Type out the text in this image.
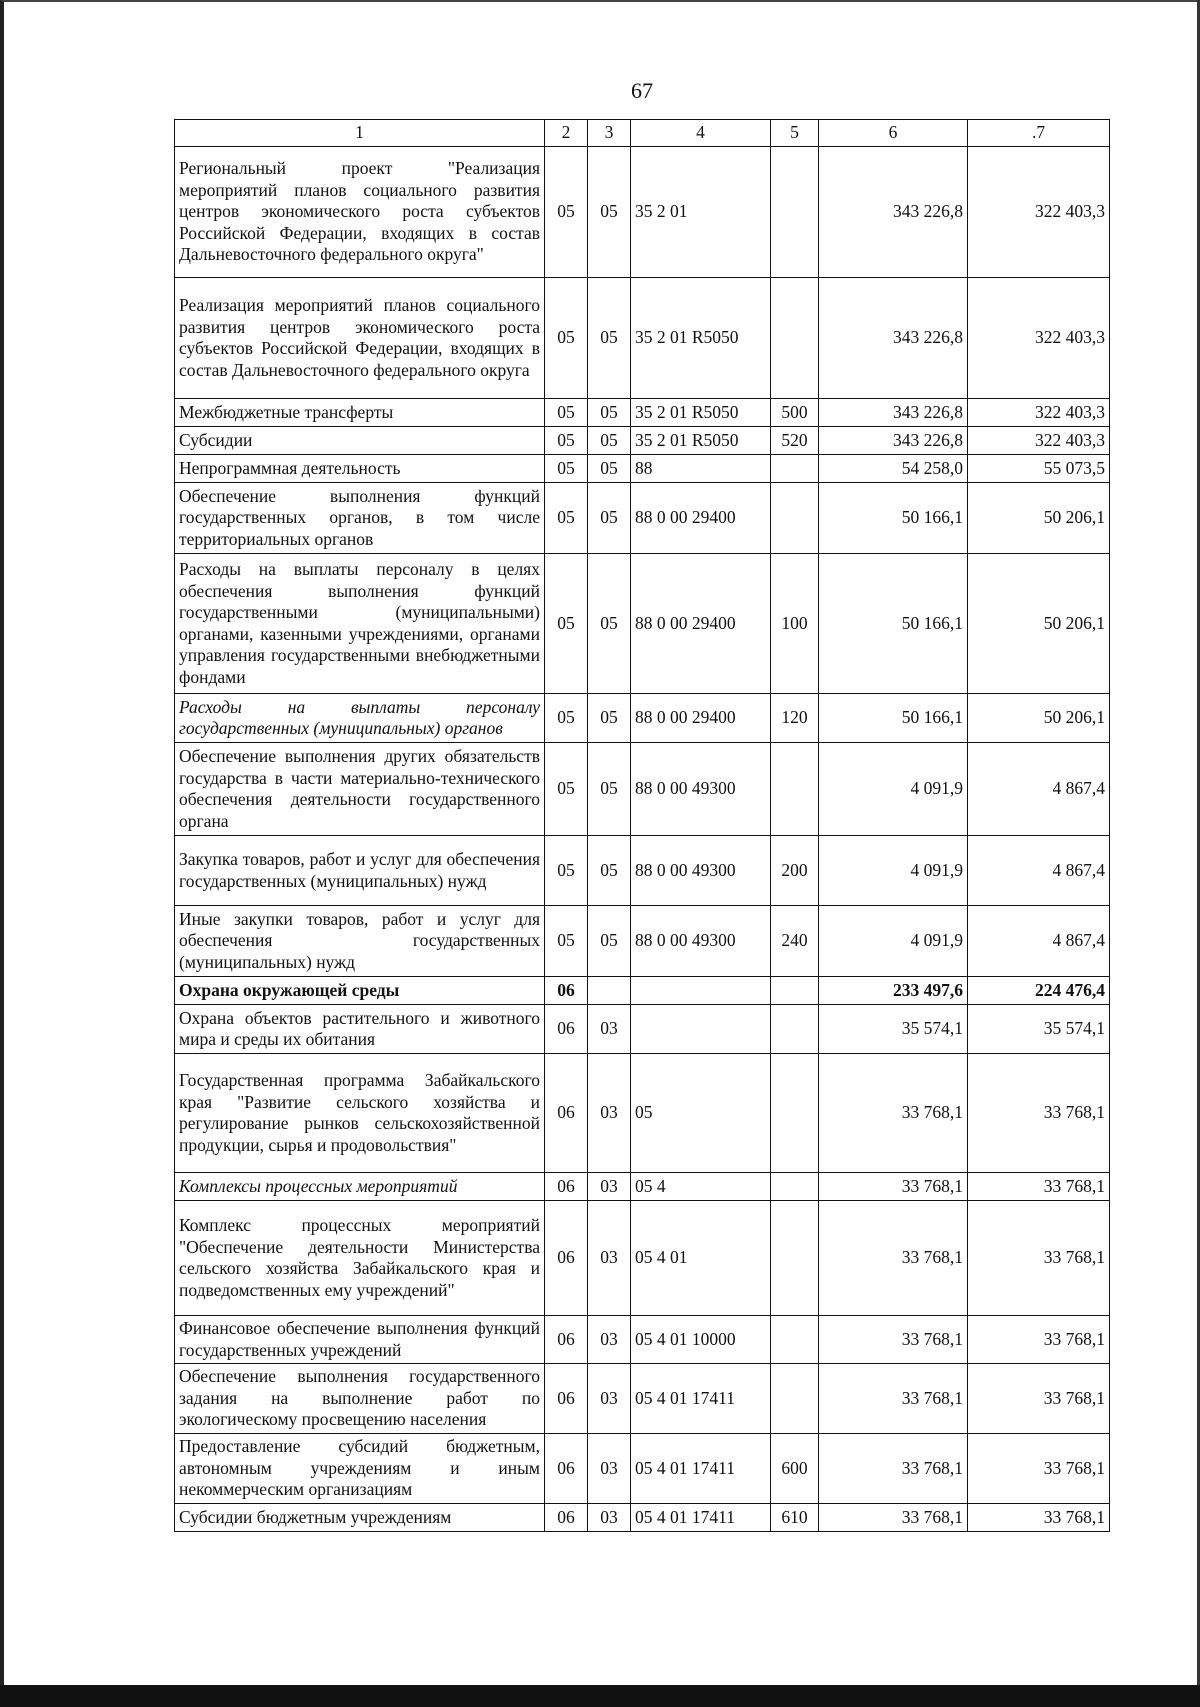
67
1	2	3	4	5	6	.7
Региональный проект "Реализация мероприятий планов социального развития центров экономического роста субъектов Российской Федерации, входящих в состав Дальневосточного федерального округа"	05	05	35 2 01		343 226,8	322 403,3
Реализация мероприятий планов социального развития центров экономического роста субъектов Российской Федерации, входящих в состав Дальневосточного федерального округа	05	05	35 2 01 R5050		343 226,8	322 403,3
Межбюджетные трансферты	05	05	35 2 01 R5050	500	343 226,8	322 403,3
Субсидии	05	05	35 2 01 R5050	520	343 226,8	322 403,3
Непрограммная деятельность	05	05	88		54 258,0	55 073,5
Обеспечение выполнения функций государственных органов, в том числе территориальных органов	05	05	88 0 00 29400		50 166,1	50 206,1
Расходы на выплаты персоналу в целях обеспечения выполнения функций государственными (муниципальными) органами, казенными учреждениями, органами управления государственными внебюджетными фондами	05	05	88 0 00 29400	100	50 166,1	50 206,1
Расходы на выплаты персоналу государственных (муниципальных) органов	05	05	88 0 00 29400	120	50 166,1	50 206,1
Обеспечение выполнения других обязательств государства в части материально-технического обеспечения деятельности государственного органа	05	05	88 0 00 49300		4 091,9	4 867,4
Закупка товаров, работ и услуг для обеспечения государственных (муниципальных) нужд	05	05	88 0 00 49300	200	4 091,9	4 867,4
Иные закупки товаров, работ и услуг для обеспечения государственных (муниципальных) нужд	05	05	88 0 00 49300	240	4 091,9	4 867,4
Охрана окружающей среды	06				233 497,6	224 476,4
Охрана объектов растительного и животного мира и среды их обитания	06	03			35 574,1	35 574,1
Государственная программа Забайкальского края "Развитие сельского хозяйства и регулирование рынков сельскохозяйственной продукции, сырья и продовольствия"	06	03	05		33 768,1	33 768,1
Комплексы процессных мероприятий	06	03	05 4		33 768,1	33 768,1
Комплекс процессных мероприятий "Обеспечение деятельности Министерства сельского хозяйства Забайкальского края и подведомственных ему учреждений"	06	03	05 4 01		33 768,1	33 768,1
Финансовое обеспечение выполнения функций государственных учреждений	06	03	05 4 01 10000		33 768,1	33 768,1
Обеспечение выполнения государственного задания на выполнение работ по экологическому просвещению населения	06	03	05 4 01 17411		33 768,1	33 768,1
Предоставление субсидий бюджетным, автономным учреждениям и иным некоммерческим организациям	06	03	05 4 01 17411	600	33 768,1	33 768,1
Субсидии бюджетным учреждениям	06	03	05 4 01 17411	610	33 768,1	33 768,1
